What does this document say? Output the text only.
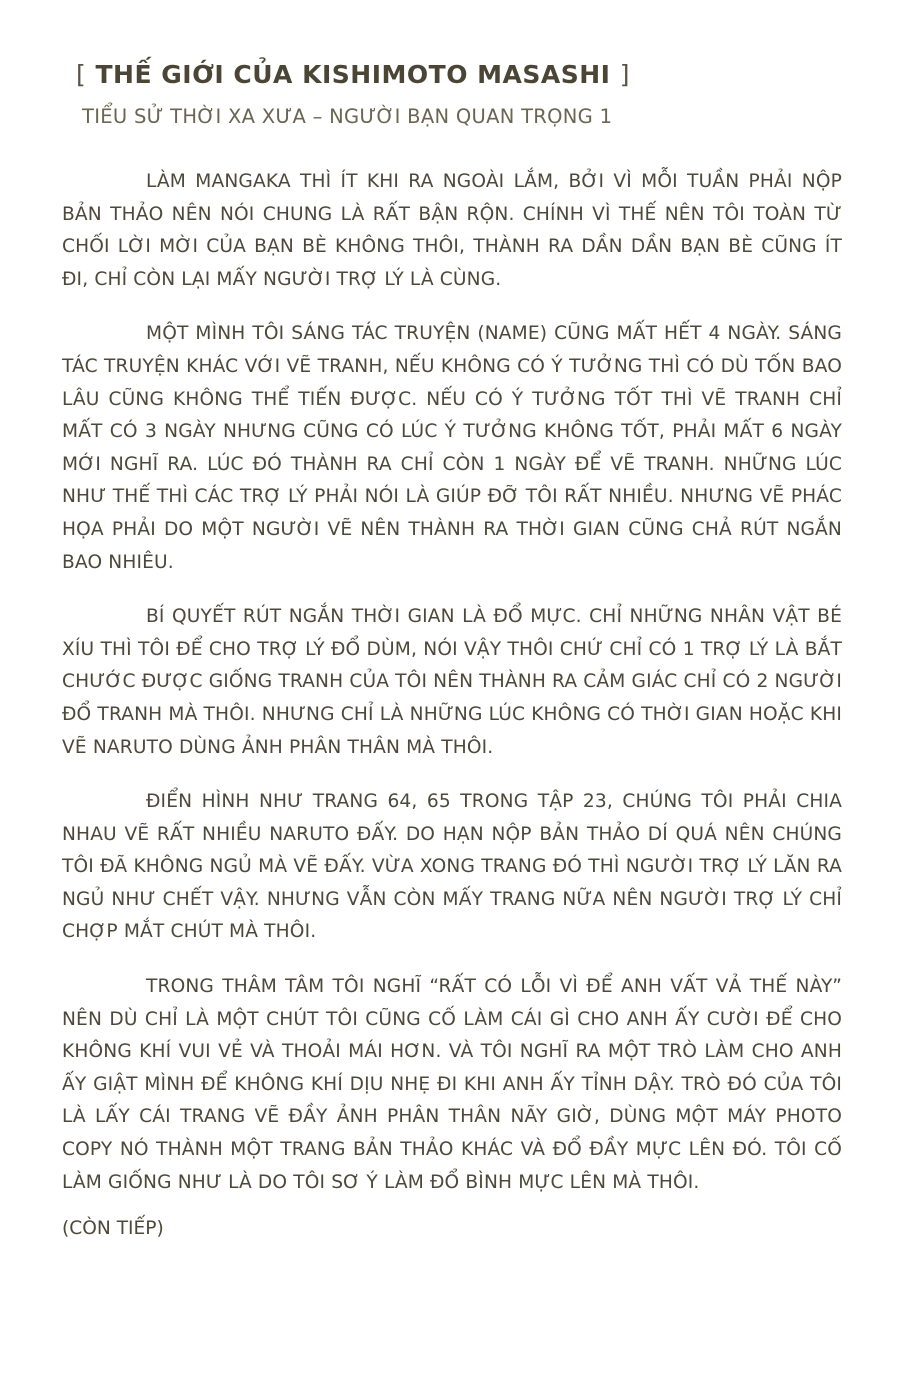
[ THẾ GIỚI CỦA KISHIMOTO MASASHI ]
TIỂU SỬ THỜI XA XƯA – NGƯỜI BẠN QUAN TRỌNG 1

LÀM MANGAKA THÌ ÍT KHI RA NGOÀI LẮM, BỞI VÌ MỖI TUẦN PHẢI NỘP BẢN THẢO NÊN NÓI CHUNG LÀ RẤT BẬN RỘN. CHÍNH VÌ THẾ NÊN TÔI TOÀN TỪ CHỐI LỜI MỜI CỦA BẠN BÈ KHÔNG THÔI, THÀNH RA DẦN DẦN BẠN BÈ CŨNG ÍT ĐI, CHỈ CÒN LẠI MẤY NGƯỜI TRỢ LÝ LÀ CÙNG.

MỘT MÌNH TÔI SÁNG TÁC TRUYỆN (NAME) CŨNG MẤT HẾT 4 NGÀY. SÁNG TÁC TRUYỆN KHÁC VỚI VẼ TRANH, NẾU KHÔNG CÓ Ý TƯỞNG THÌ CÓ DÙ TỐN BAO LÂU CŨNG KHÔNG THỂ TIẾN ĐƯỢC. NẾU CÓ Ý TƯỞNG TỐT THÌ VẼ TRANH CHỈ MẤT CÓ 3 NGÀY NHƯNG CŨNG CÓ LÚC Ý TƯỞNG KHÔNG TỐT, PHẢI MẤT 6 NGÀY MỚI NGHĨ RA. LÚC ĐÓ THÀNH RA CHỈ CÒN 1 NGÀY ĐỂ VẼ TRANH. NHỮNG LÚC NHƯ THẾ THÌ CÁC TRỢ LÝ PHẢI NÓI LÀ GIÚP ĐỠ TÔI RẤT NHIỀU. NHƯNG VẼ PHÁC HỌA PHẢI DO MỘT NGƯỜI VẼ NÊN THÀNH RA THỜI GIAN CŨNG CHẢ RÚT NGẮN BAO NHIÊU.

BÍ QUYẾT RÚT NGẮN THỜI GIAN LÀ ĐỔ MỰC. CHỈ NHỮNG NHÂN VẬT BÉ XÍU THÌ TÔI ĐỂ CHO TRỢ LÝ ĐỔ DÙM, NÓI VẬY THÔI CHỨ CHỈ CÓ 1 TRỢ LÝ LÀ BẮT CHƯỚC ĐƯỢC GIỐNG TRANH CỦA TÔI NÊN THÀNH RA CẢM GIÁC CHỈ CÓ 2 NGƯỜI ĐỔ TRANH MÀ THÔI. NHƯNG CHỈ LÀ NHỮNG LÚC KHÔNG CÓ THỜI GIAN HOẶC KHI VẼ NARUTO DÙNG ẢNH PHÂN THÂN MÀ THÔI.

ĐIỂN HÌNH NHƯ TRANG 64, 65 TRONG TẬP 23, CHÚNG TÔI PHẢI CHIA NHAU VẼ RẤT NHIỀU NARUTO ĐẤY. DO HẠN NỘP BẢN THẢO DÍ QUÁ NÊN CHÚNG TÔI ĐÃ KHÔNG NGỦ MÀ VẼ ĐẤY. VỪA XONG TRANG ĐÓ THÌ NGƯỜI TRỢ LÝ LĂN RA NGỦ NHƯ CHẾT VẬY. NHƯNG VẪN CÒN MẤY TRANG NỮA NÊN NGƯỜI TRỢ LÝ CHỈ CHỢP MẮT CHÚT MÀ THÔI.

TRONG THÂM TÂM TÔI NGHĨ “RẤT CÓ LỖI VÌ ĐỂ ANH VẤT VẢ THẾ NÀY” NÊN DÙ CHỈ LÀ MỘT CHÚT TÔI CŨNG CỐ LÀM CÁI GÌ CHO ANH ẤY CƯỜI ĐỂ CHO KHÔNG KHÍ VUI VẺ VÀ THOẢI MÁI HƠN. VÀ TÔI NGHĨ RA MỘT TRÒ LÀM CHO ANH ẤY GIẬT MÌNH ĐỂ KHÔNG KHÍ DỊU NHẸ ĐI KHI ANH ẤY TỈNH DẬY. TRÒ ĐÓ CỦA TÔI LÀ LẤY CÁI TRANG VẼ ĐẦY ẢNH PHÂN THÂN NÃY GIỜ, DÙNG MỘT MÁY PHOTO COPY NÓ THÀNH MỘT TRANG BẢN THẢO KHÁC VÀ ĐỔ ĐẦY MỰC LÊN ĐÓ. TÔI CỐ LÀM GIỐNG NHƯ LÀ DO TÔI SƠ Ý LÀM ĐỔ BÌNH MỰC LÊN MÀ THÔI.

(CÒN TIẾP)
